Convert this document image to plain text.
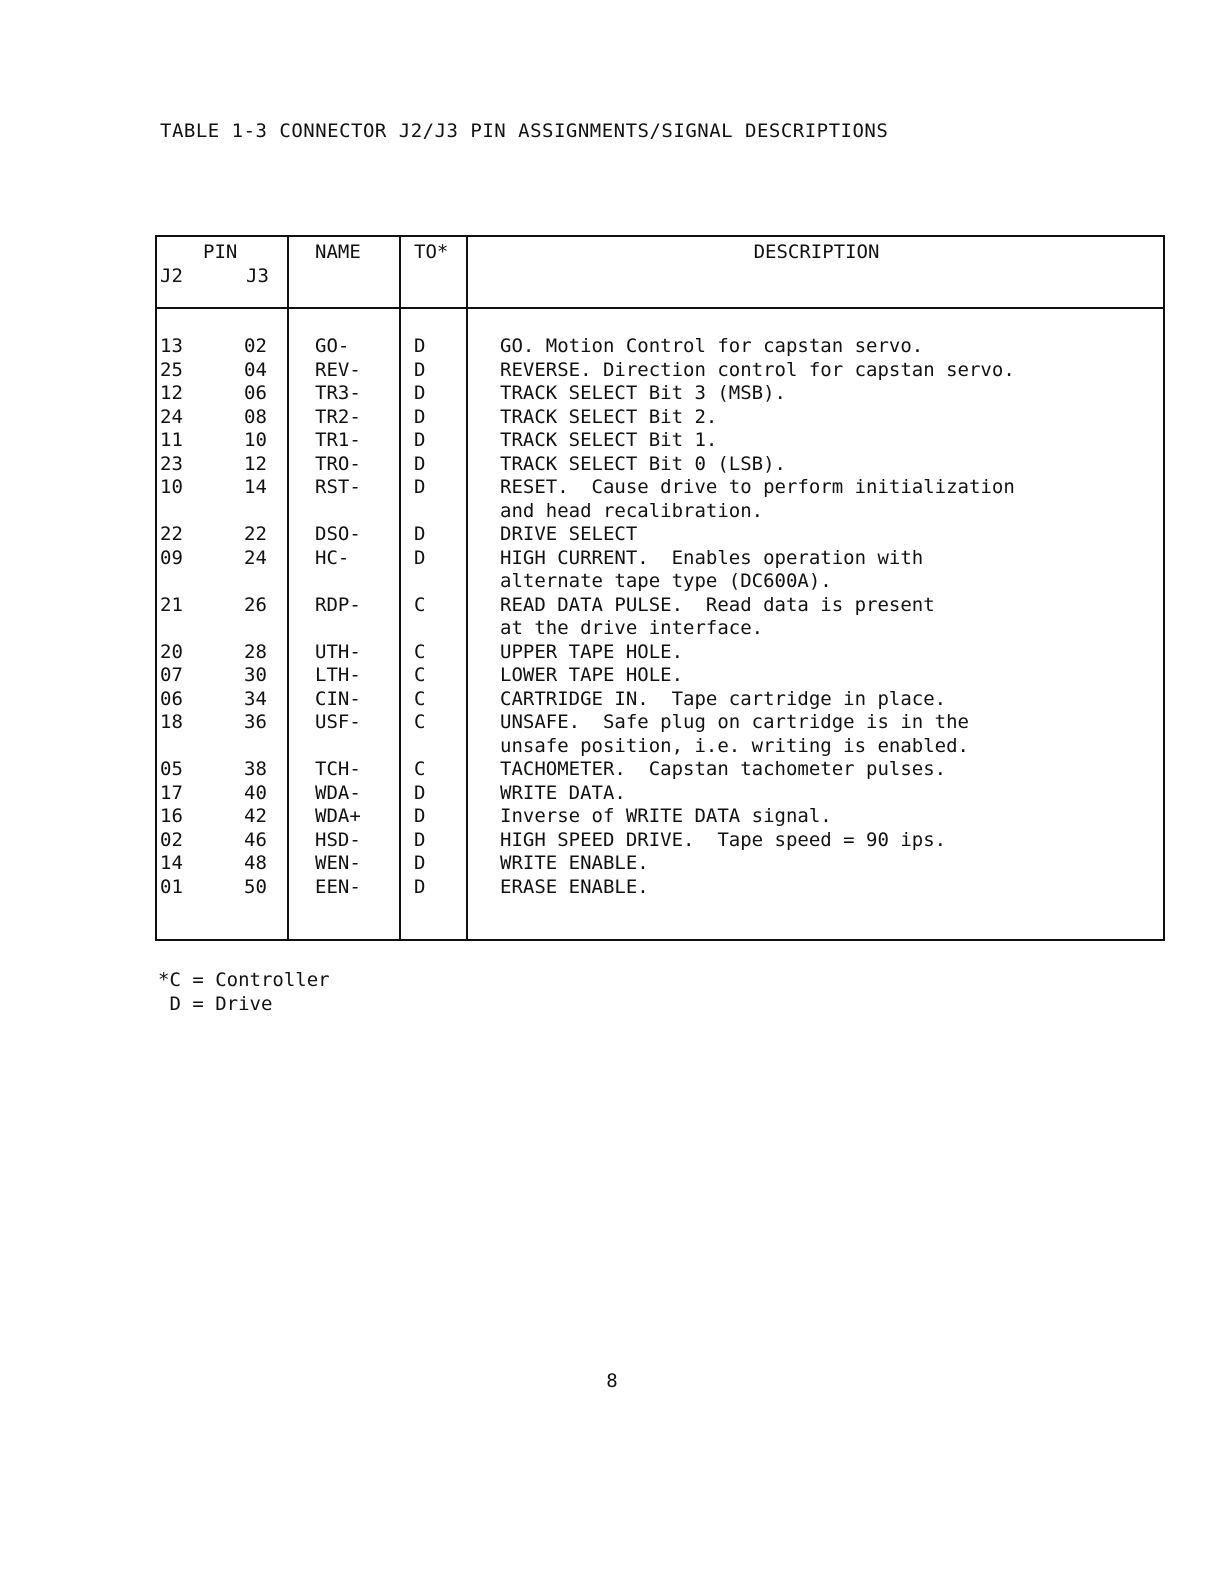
TABLE 1-3 CONNECTOR J2/J3 PIN ASSIGNMENTS/SIGNAL DESCRIPTIONS
PIN
J2	J3
NAME	TO*	DESCRIPTION
13	02	GO-	D	GO. Motion Control for capstan servo.
25	04	REV-	D	REVERSE. Direction control for capstan servo.
12	06	TR3-	D	TRACK SELECT Bit 3 (MSB).
24	08	TR2-	D	TRACK SELECT Bit 2.
11	10	TR1-	D	TRACK SELECT Bit 1.
23	12	TRO-	D	TRACK SELECT Bit 0 (LSB).
10	14	RST-	D	RESET.  Cause drive to perform initialization
and head recalibration.
22	22	DSO-	D	DRIVE SELECT
09	24	HC-	D	HIGH CURRENT.  Enables operation with
alternate tape type (DC600A).
21	26	RDP-	C	READ DATA PULSE.  Read data is present
at the drive interface.
20	28	UTH-	C	UPPER TAPE HOLE.
07	30	LTH-	C	LOWER TAPE HOLE.
06	34	CIN-	C	CARTRIDGE IN.  Tape cartridge in place.
18	36	USF-	C	UNSAFE.  Safe plug on cartridge is in the
unsafe position, i.e. writing is enabled.
05	38	TCH-	C	TACHOMETER.  Capstan tachometer pulses.
17	40	WDA-	D	WRITE DATA.
16	42	WDA+	D	Inverse of WRITE DATA signal.
02	46	HSD-	D	HIGH SPEED DRIVE.  Tape speed = 90 ips.
14	48	WEN-	D	WRITE ENABLE.
01	50	EEN-	D	ERASE ENABLE.
*C = Controller
D = Drive
8
